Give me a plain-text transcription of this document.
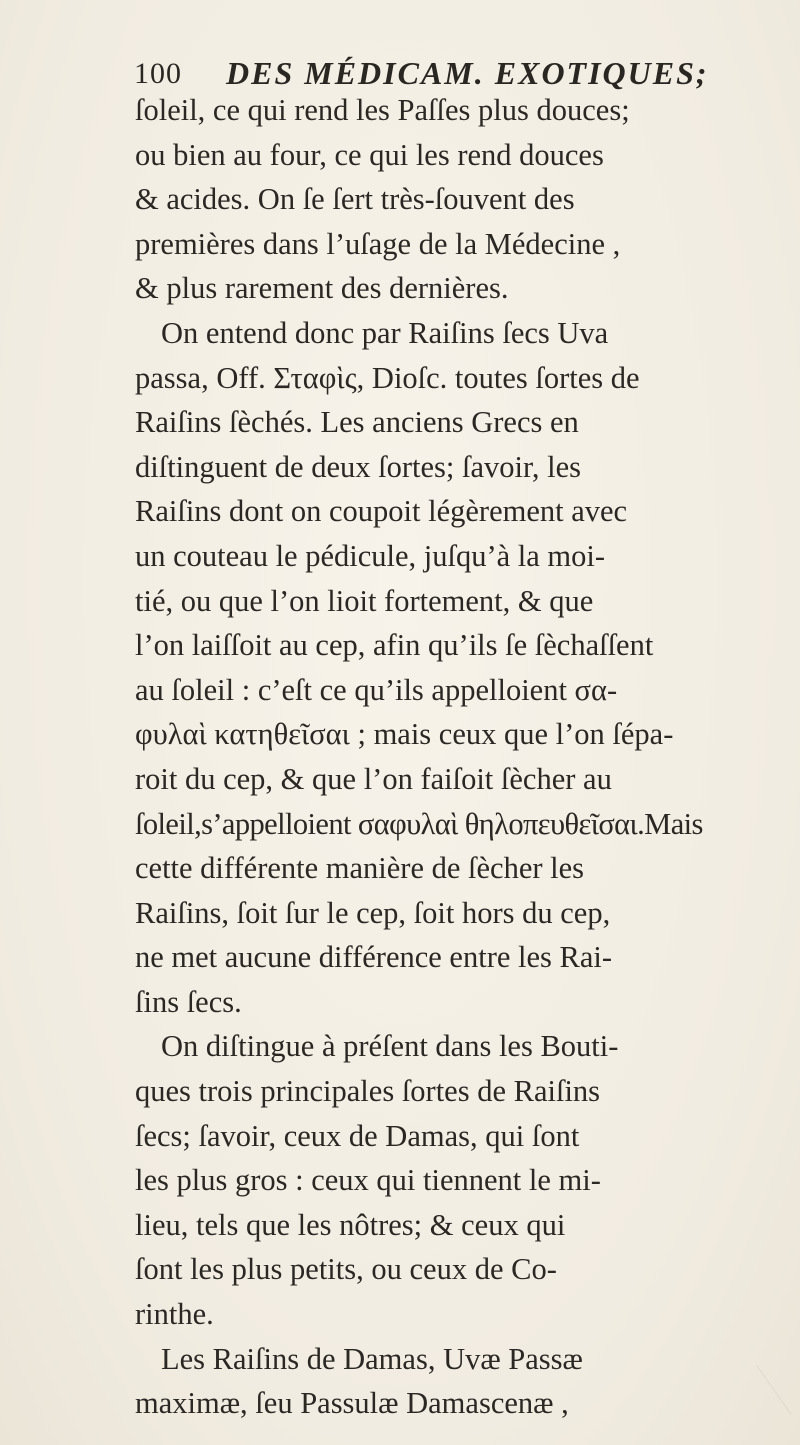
100 DES MÉDICAM. EXOTIQUES;
ſoleil, ce qui rend les Paſſes plus douces;
ou bien au four, ce qui les rend douces
& acides. On ſe ſert très-ſouvent des
premières dans l’uſage de la Médecine ,
& plus rarement des dernières.
On entend donc par Raiſins ſecs Uva
passa, Off. Σταφὶς, Dioſc. toutes ſortes de
Raiſins ſèchés. Les anciens Grecs en
diſtinguent de deux ſortes; ſavoir, les
Raiſins dont on coupoit légèrement avec
un couteau le pédicule, juſqu’à la moi-
tié, ou que l’on lioit fortement, & que
l’on laiſſoit au cep, afin qu’ils ſe ſèchaſſent
au ſoleil : c’eſt ce qu’ils appelloient σα-
φυλαὶ κατηθεῖσαι ; mais ceux que l’on ſépa-
roit du cep, & que l’on faiſoit ſècher au
ſoleil,s’appelloient σαφυλαὶ θηλοπευθεῖσαι.Mais
cette différente manière de ſècher les
Raiſins, ſoit ſur le cep, ſoit hors du cep,
ne met aucune différence entre les Rai-
ſins ſecs.
On diſtingue à préſent dans les Bouti-
ques trois principales ſortes de Raiſins
ſecs; ſavoir, ceux de Damas, qui ſont
les plus gros : ceux qui tiennent le mi-
lieu, tels que les nôtres; & ceux qui
ſont les plus petits, ou ceux de Co-
rinthe.
Les Raiſins de Damas, Uvæ Passæ
maximæ, ſeu Passulæ Damascenæ ,
